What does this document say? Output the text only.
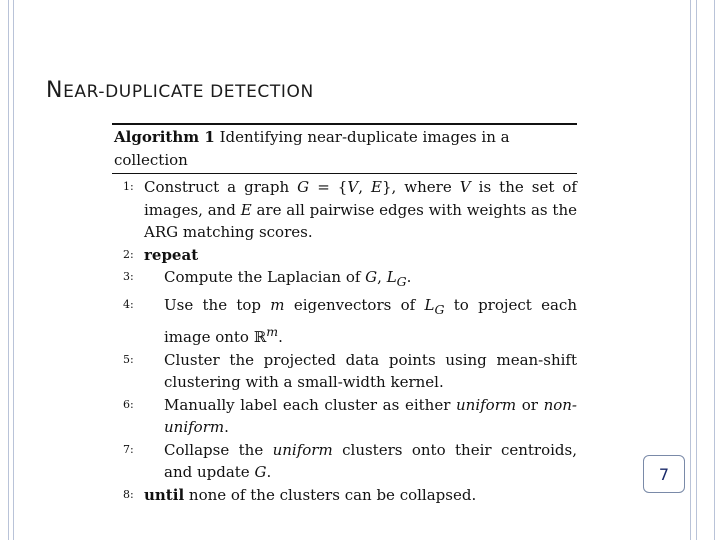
NEAR-DUPLICATE DETECTION
Algorithm 1 Identifying near-duplicate images in a collection
1: Construct a graph G = {V, E}, where V is the set of images, and E are all pairwise edges with weights as the ARG matching scores.
2: repeat
3:	Compute the Laplacian of G, $L_G$.
4:	Use the top m eigenvectors of $L_G$ to project each image onto ℝ$^m$.
5:	Cluster the projected data points using mean-shift clustering with a small-width kernel.
6:	Manually label each cluster as either uniform or non-uniform.
7:	Collapse the uniform clusters onto their centroids, and update G.
8: until none of the clusters can be collapsed.
7
